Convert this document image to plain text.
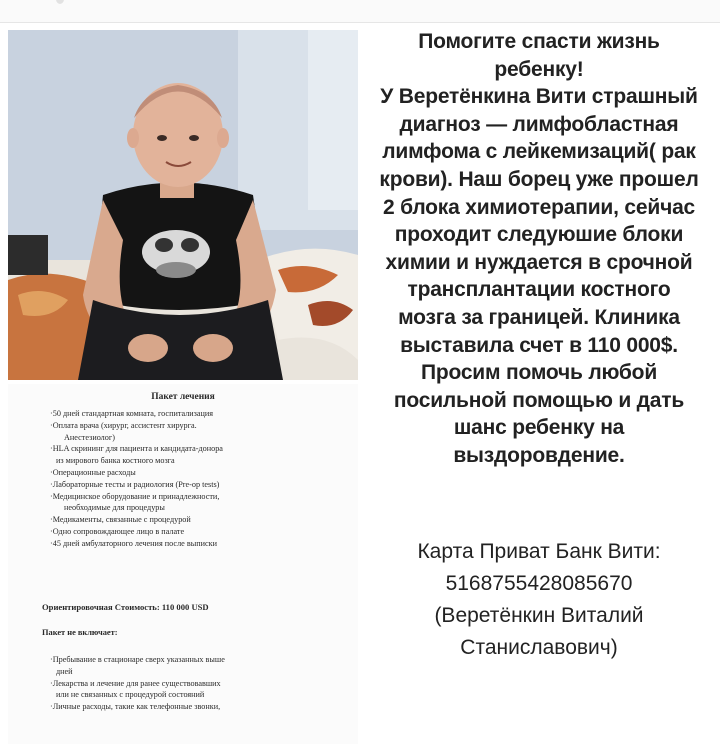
Пакет лечения
·50 дней стандартная комната, госпитализация
·Оплата врача (хирург, ассистент хирурга.
Анестезиолог)
·HLA скрининг для пациента и кандидата-донора
из мирового банка костного мозга
·Операционные расходы
·Лабораторные тесты и радиология (Pre-op tests)
·Медицинское оборудование и принадлежности,
необходимые для процедуры
·Медикаменты, связанные с процедурой
·Одно сопровождающее лицо в палате
·45 дней амбулаторного лечения после выписки
Ориентировочная Стоимость: 110 000 USD
Пакет не включает:
·Пребывание в стационаре сверх указанных выше
дней
·Лекарства и лечение для ранее существовавших
или не связанных с процедурой состояний
·Личные расходы, такие как телефонные звонки,

Помогите спасти жизнь
ребенку!
У Веретёнкина Вити страшный
диагноз — лимфобластная
лимфома с лейкемизаций( рак
крови). Наш борец уже прошел
2 блока химиотерапии, сейчас
проходит следуюшие блоки
химии и нуждается в срочной
трансплантации костного
мозга за границей. Клиника
выставила счет в 110 000$.
Просим помочь любой
посильной помощью и дать
шанс ребенку на
выздоровдение.

Карта Приват Банк Вити:

5168755428085670

(Веретёнкин Виталий

Станиславович)
